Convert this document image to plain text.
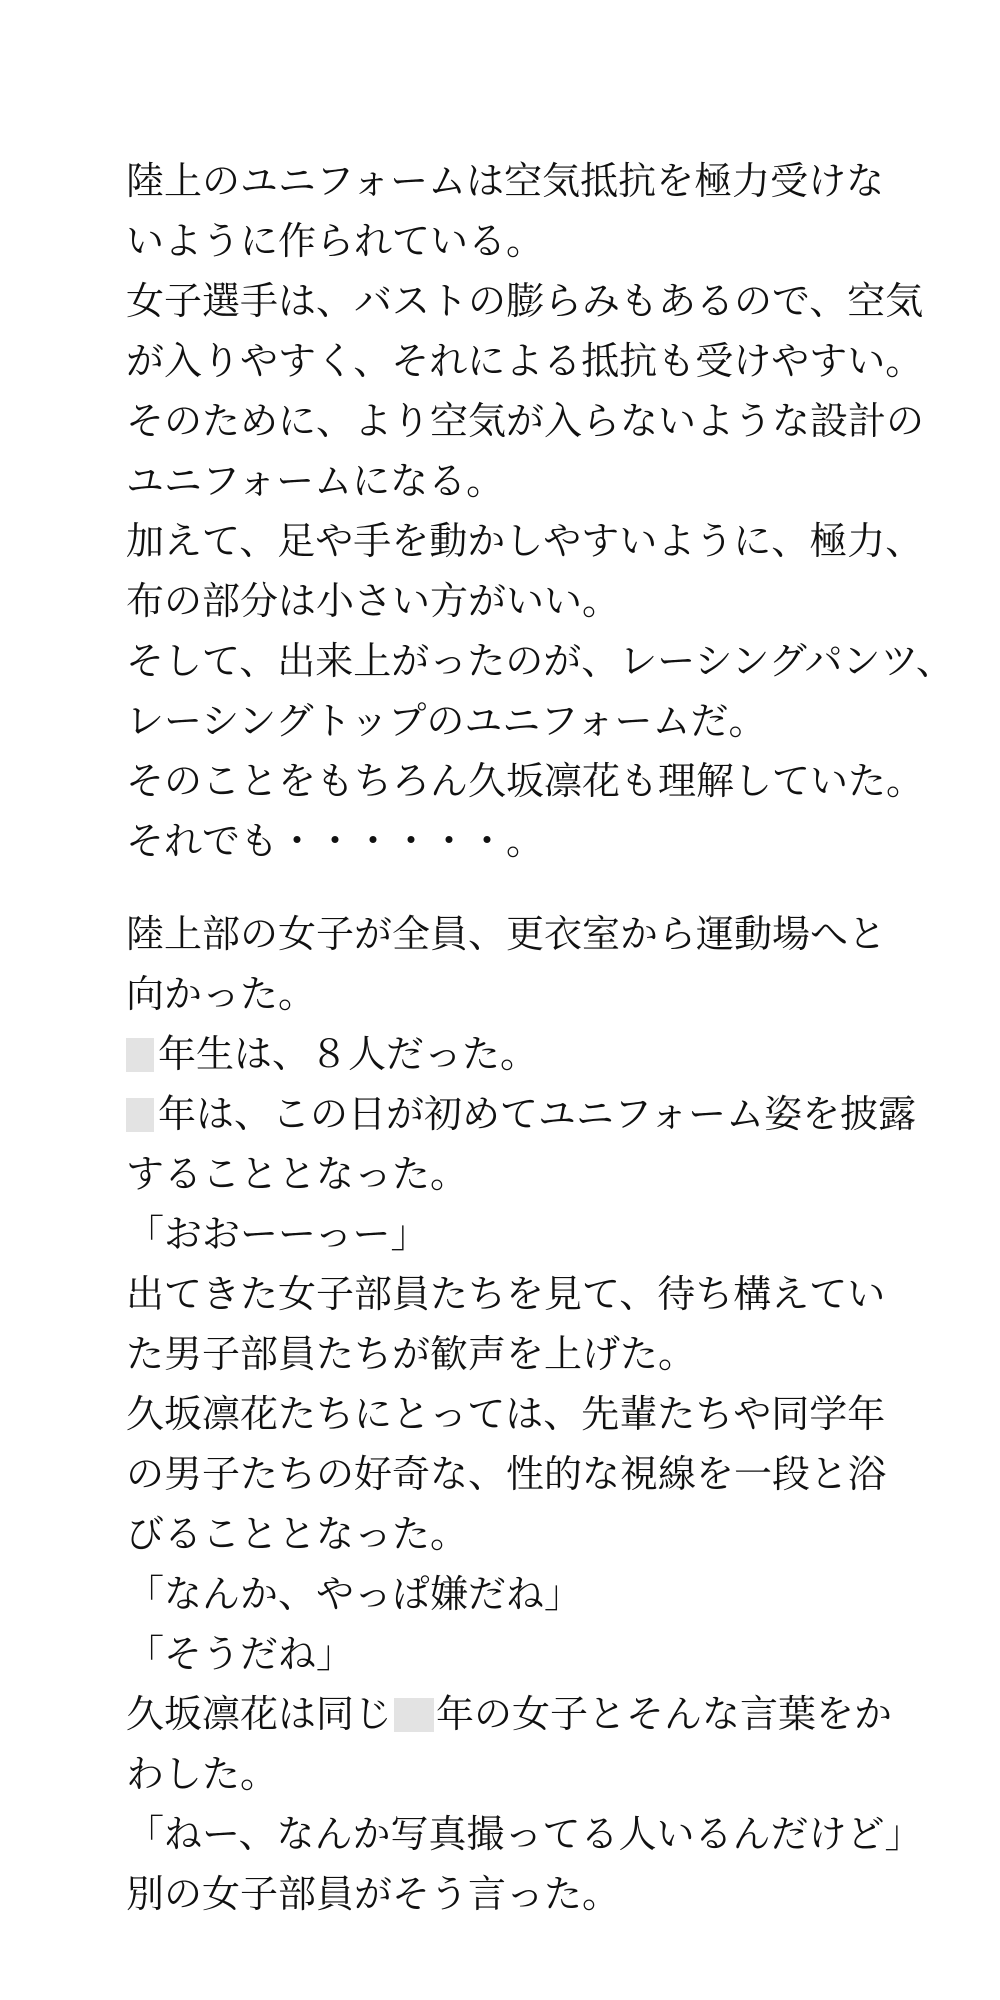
陸上のユニフォームは空気抵抗を極力受けな
いように作られている。
女子選手は、バストの膨らみもあるので、空気
が入りやすく、それによる抵抗も受けやすい。
そのために、より空気が入らないような設計の
ユニフォームになる。
加えて、足や手を動かしやすいように、極力、
布の部分は小さい方がいい。
そして、出来上がったのが、レーシングパンツ、
レーシングトップのユニフォームだ。
そのことをもちろん久坂凛花も理解していた。
それでも・・・・・・。
陸上部の女子が全員、更衣室から運動場へと
向かった。
年生は、８人だった。
年は、この日が初めてユニフォーム姿を披露
することとなった。
「おおーーっー」
出てきた女子部員たちを見て、待ち構えてい
た男子部員たちが歓声を上げた。
久坂凛花たちにとっては、先輩たちや同学年
の男子たちの好奇な、性的な視線を一段と浴
びることとなった。
「なんか、やっぱ嫌だね」
「そうだね」
久坂凛花は同じ 年の女子とそんな言葉をか
わした。
「ねー、なんか写真撮ってる人いるんだけど」
別の女子部員がそう言った。
